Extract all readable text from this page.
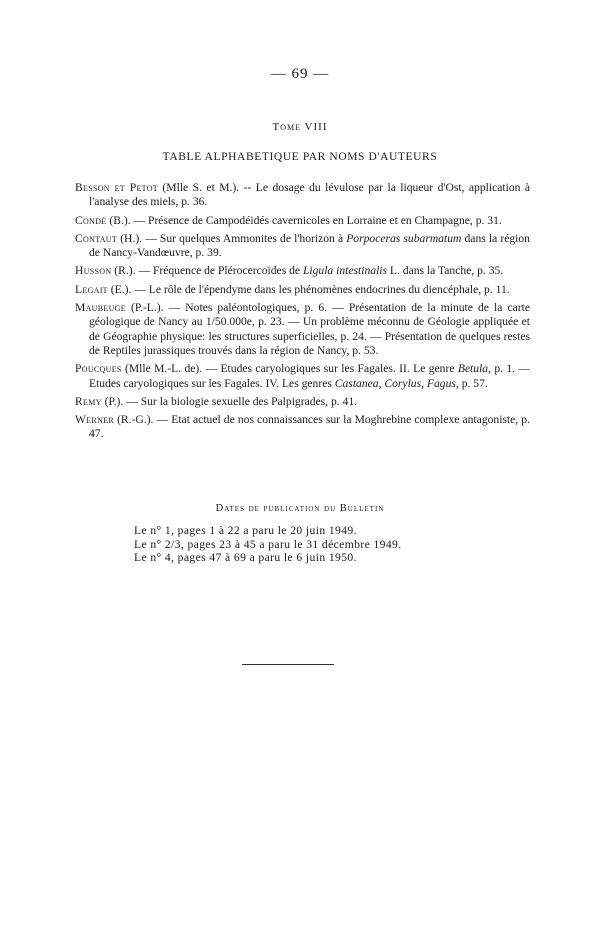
— 69 —
Tome VIII
TABLE ALPHABETIQUE PAR NOMS D'AUTEURS

Besson et Petot (Mlle S. et M.). -- Le dosage du lévulose par la liqueur d'Ost, application à l'analyse des miels, p. 36.

Condé (B.). — Présence de Campodéidés cavernicoles en Lorraine et en Champagne, p. 31.

Contaut (H.). — Sur quelques Ammonites de l'horizon à Porpoceras subarmatum dans la région de Nancy-Vandœuvre, p. 39.

Husson (R.). — Fréquence de Plérocercoïdes de Ligula intestinalis L. dans la Tanche, p. 35.

Legait (E.). — Le rôle de l'épendyme dans les phénomènes endocrines du diencéphale, p. 11.

Maubeuge (P.-L.). — Notes paléontologiques, p. 6. — Présentation de la minute de la carte géologique de Nancy au 1/50.000e, p. 23. — Un problème méconnu de Géologie appliquée et de Géographie physique: les structures superficielles, p. 24. — Présentation de quelques restes de Reptiles jurassiques trouvés dans la région de Nancy, p. 53.

Poucques (Mlle M.-L. de). — Etudes caryologiques sur les Fagales. II. Le genre Betula, p. 1. — Etudes caryologiques sur les Fagales. IV. Les genres Castanea, Corylus, Fagus, p. 57.

Remy (P.). — Sur la biologie sexuelle des Palpigrades, p. 41.

Werner (R.-G.). — Etat actuel de nos connaissances sur la Moghrebine complexe antagoniste, p. 47.

Dates de publication du Bulletin
Le n° 1, pages 1 à 22 a paru le 20 juin 1949.
Le n° 2/3, pages 23 à 45 a paru le 31 décembre 1949.
Le n° 4, pages 47 à 69 a paru le 6 juin 1950.
